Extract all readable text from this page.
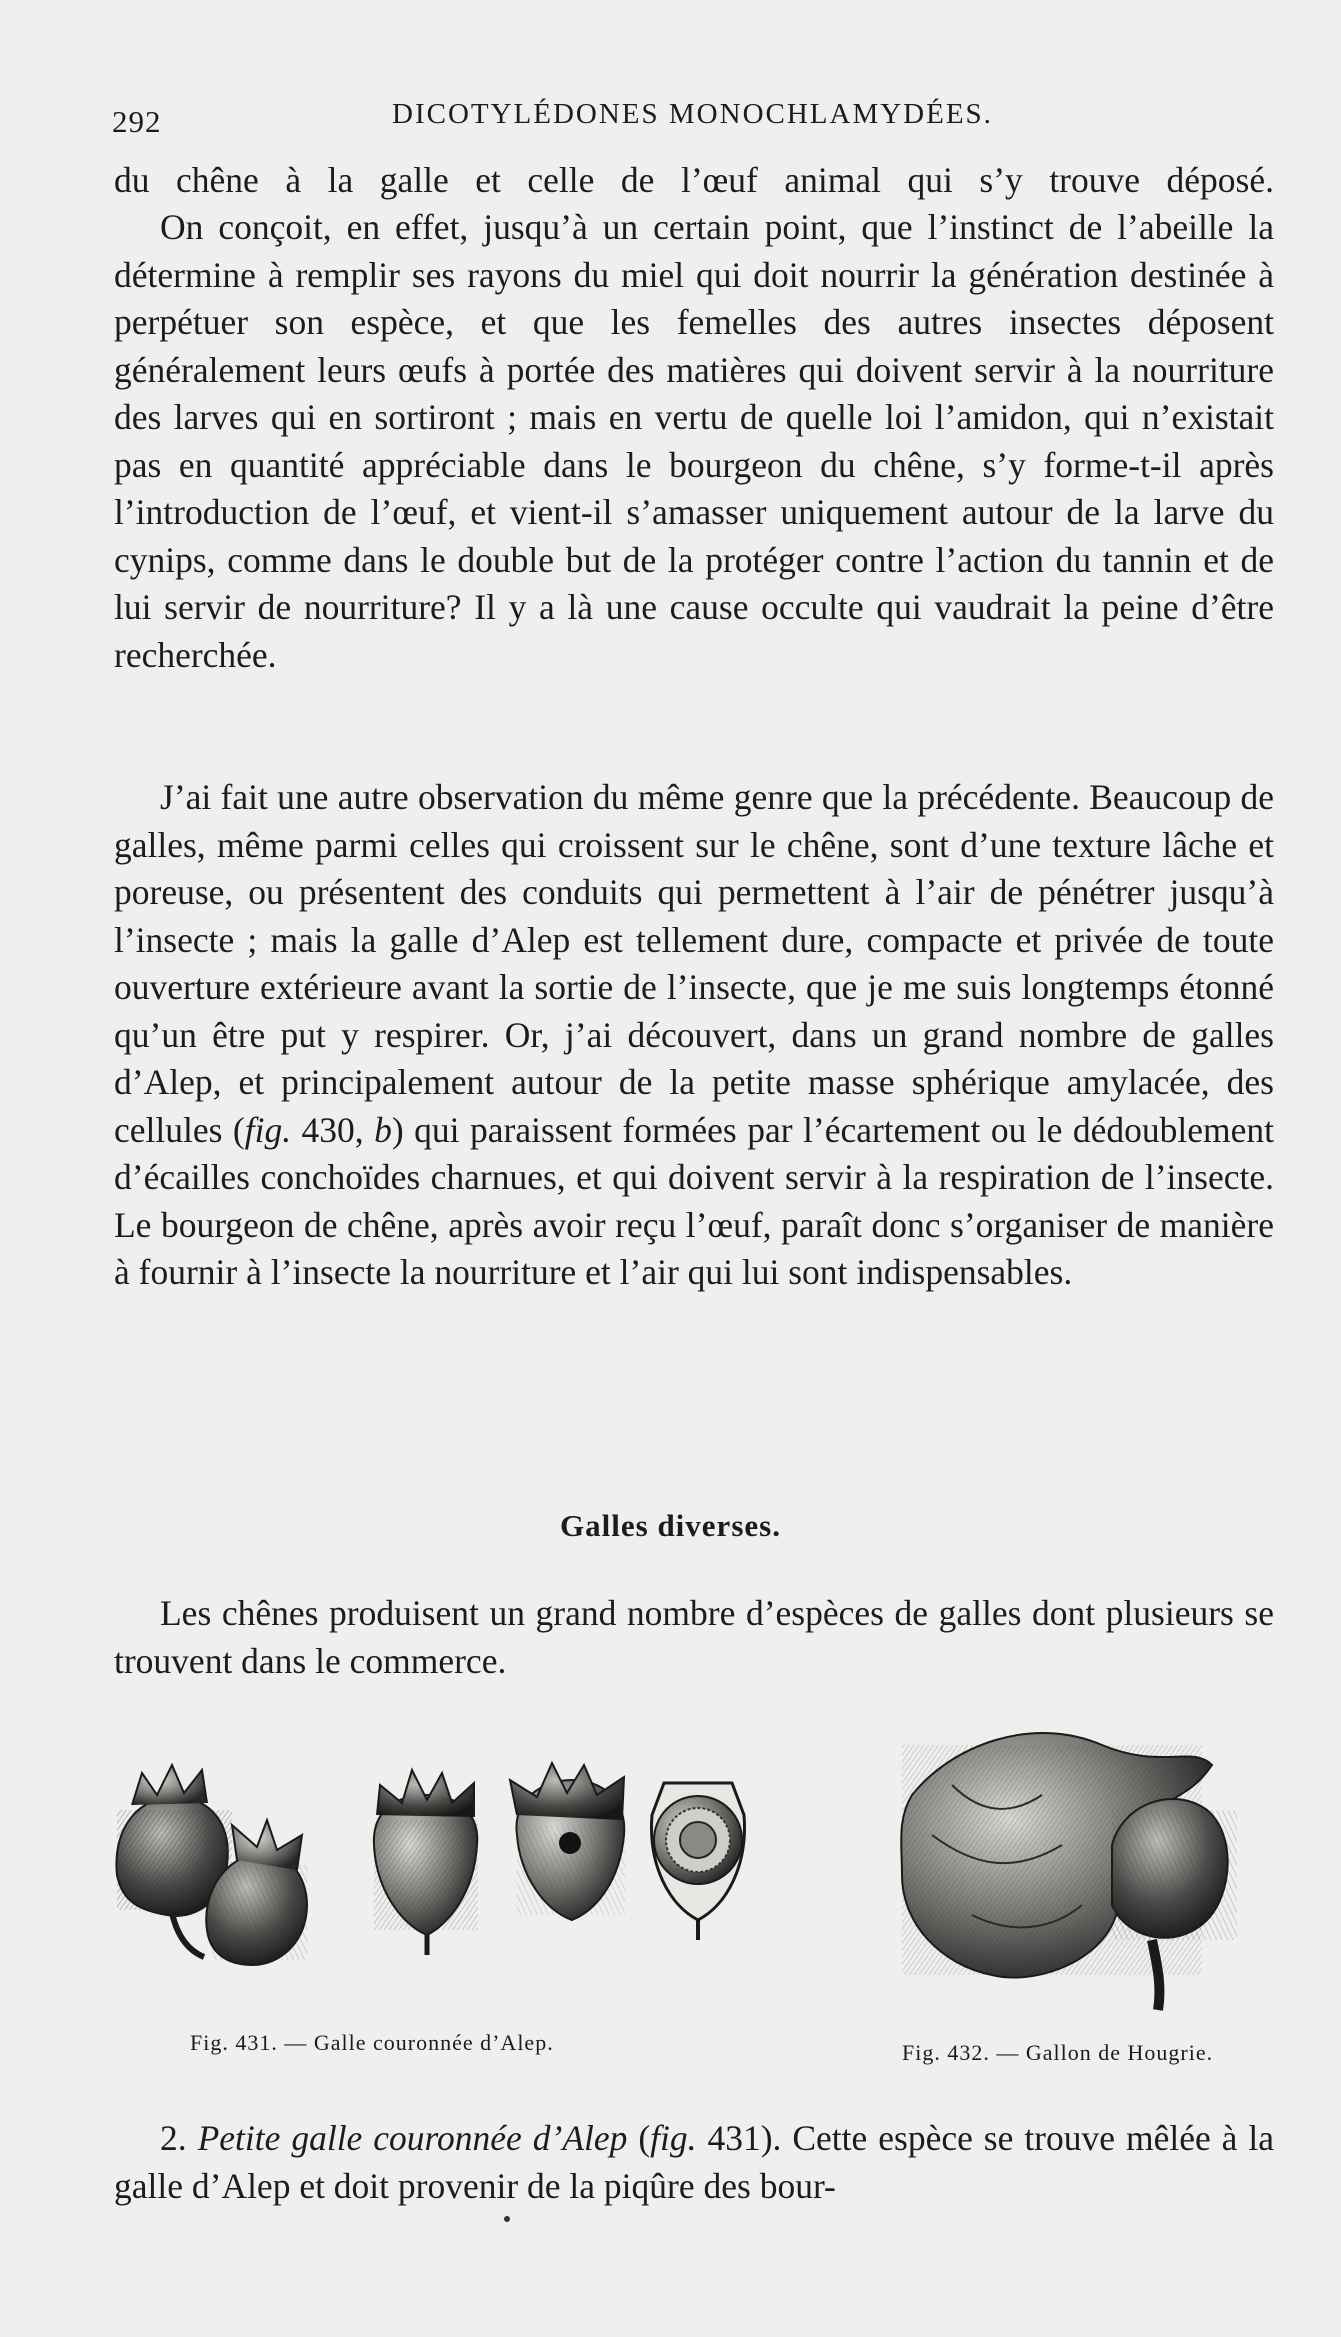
292	DICOTYLÉDONES MONOCHLAMYDÉES.
du chêne à la galle et celle de l’œuf animal qui s’y trouve déposé.
On conçoit, en effet, jusqu’à un certain point, que l’instinct de l’abeille la détermine à remplir ses rayons du miel qui doit nourrir la génération destinée à perpétuer son espèce, et que les femelles des autres insectes déposent généralement leurs œufs à portée des matières qui doivent servir à la nourriture des larves qui en sortiront ; mais en vertu de quelle loi l’amidon, qui n’existait pas en quantité appréciable dans le bourgeon du chêne, s’y forme-t-il après l’introduction de l’œuf, et vient-il s’amasser uniquement autour de la larve du cynips, comme dans le double but de la protéger contre l’action du tannin et de lui servir de nourriture? Il y a là une cause occulte qui vaudrait la peine d’être recherchée.
J’ai fait une autre observation du même genre que la précédente. Beaucoup de galles, même parmi celles qui croissent sur le chêne, sont d’une texture lâche et poreuse, ou présentent des conduits qui permettent à l’air de pénétrer jusqu’à l’insecte ; mais la galle d’Alep est tellement dure, compacte et privée de toute ouverture extérieure avant la sortie de l’insecte, que je me suis longtemps étonné qu’un être put y respirer. Or, j’ai découvert, dans un grand nombre de galles d’Alep, et principalement autour de la petite masse sphérique amylacée, des cellules (fig. 430, b) qui paraissent formées par l’écartement ou le dédoublement d’écailles conchoïdes charnues, et qui doivent servir à la respiration de l’insecte. Le bourgeon de chêne, après avoir reçu l’œuf, paraît donc s’organiser de manière à fournir à l’insecte la nourriture et l’air qui lui sont indispensables.
Galles diverses.
Les chênes produisent un grand nombre d’espèces de galles dont plusieurs se trouvent dans le commerce.
Fig. 431. — Galle couronnée d’Alep.	Fig. 432. — Gallon de Hougrie.
2. Petite galle couronnée d’Alep (fig. 431). Cette espèce se trouve mêlée à la galle d’Alep et doit provenir de la piqûre des bour-
